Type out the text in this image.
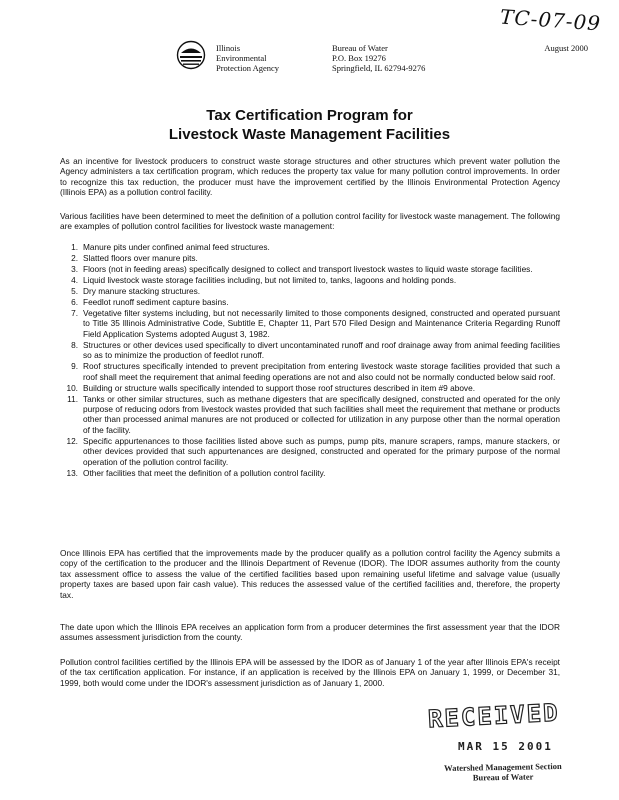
TC-07-09
Illinois
Environmental
Protection Agency
Bureau of Water
P.O. Box 19276
Springfield, IL 62794-9276
August 2000
Tax Certification Program for
Livestock Waste Management Facilities

As an incentive for livestock producers to construct waste storage structures and other structures which prevent water pollution the Agency administers a tax certification program, which reduces the property tax value for many pollution control improvements. In order to recognize this tax reduction, the producer must have the improvement certified by the Illinois Environmental Protection Agency (Illinois EPA) as a pollution control facility.

Various facilities have been determined to meet the definition of a pollution control facility for livestock waste management. The following are examples of pollution control facilities for livestock waste management:

1. Manure pits under confined animal feed structures.
2. Slatted floors over manure pits.
3. Floors (not in feeding areas) specifically designed to collect and transport livestock wastes to liquid waste storage facilities.
4. Liquid livestock waste storage facilities including, but not limited to, tanks, lagoons and holding ponds.
5. Dry manure stacking structures.
6. Feedlot runoff sediment capture basins.
7. Vegetative filter systems including, but not necessarily limited to those components designed, constructed and operated pursuant to Title 35 Illinois Administrative Code, Subtitle E, Chapter 11, Part 570 Filed Design and Maintenance Criteria Regarding Runoff Field Application Systems adopted August 3, 1982.
8. Structures or other devices used specifically to divert uncontaminated runoff and roof drainage away from animal feeding facilities so as to minimize the production of feedlot runoff.
9. Roof structures specifically intended to prevent precipitation from entering livestock waste storage facilities provided that such a roof shall meet the requirement that animal feeding operations are not and also could not be normally conducted below said roof.
10. Building or structure walls specifically intended to support those roof structures described in item #9 above.
11. Tanks or other similar structures, such as methane digesters that are specifically designed, constructed and operated for the only purpose of reducing odors from livestock wastes provided that such facilities shall meet the requirement that methane or products other than processed animal manures are not produced or collected for utilization in any purpose other than the normal operation of the facility.
12. Specific appurtenances to those facilities listed above such as pumps, pump pits, manure scrapers, ramps, manure stackers, or other devices provided that such appurtenances are designed, constructed and operated for the primary purpose of the normal operation of the pollution control facility.
13. Other facilities that meet the definition of a pollution control facility.

Once Illinois EPA has certified that the improvements made by the producer qualify as a pollution control facility the Agency submits a copy of the certification to the producer and the Illinois Department of Revenue (IDOR). The IDOR assumes authority from the county tax assessment office to assess the value of the certified facilities based upon remaining useful lifetime and salvage value (usually property taxes are based upon fair cash value). This reduces the assessed value of the certified facilities and, therefore, the property tax.

The date upon which the Illinois EPA receives an application form from a producer determines the first assessment year that the IDOR assumes assessment jurisdiction from the county.

Pollution control facilities certified by the Illinois EPA will be assessed by the IDOR as of January 1 of the year after Illinois EPA's receipt of the tax certification application. For instance, if an application is received by the Illinois EPA on January 1, 1999, or December 31, 1999, both would come under the IDOR's assessment jurisdiction as of January 1, 2000.

RECEIVED
MAR 15 2001
Watershed Management Section
Bureau of Water
